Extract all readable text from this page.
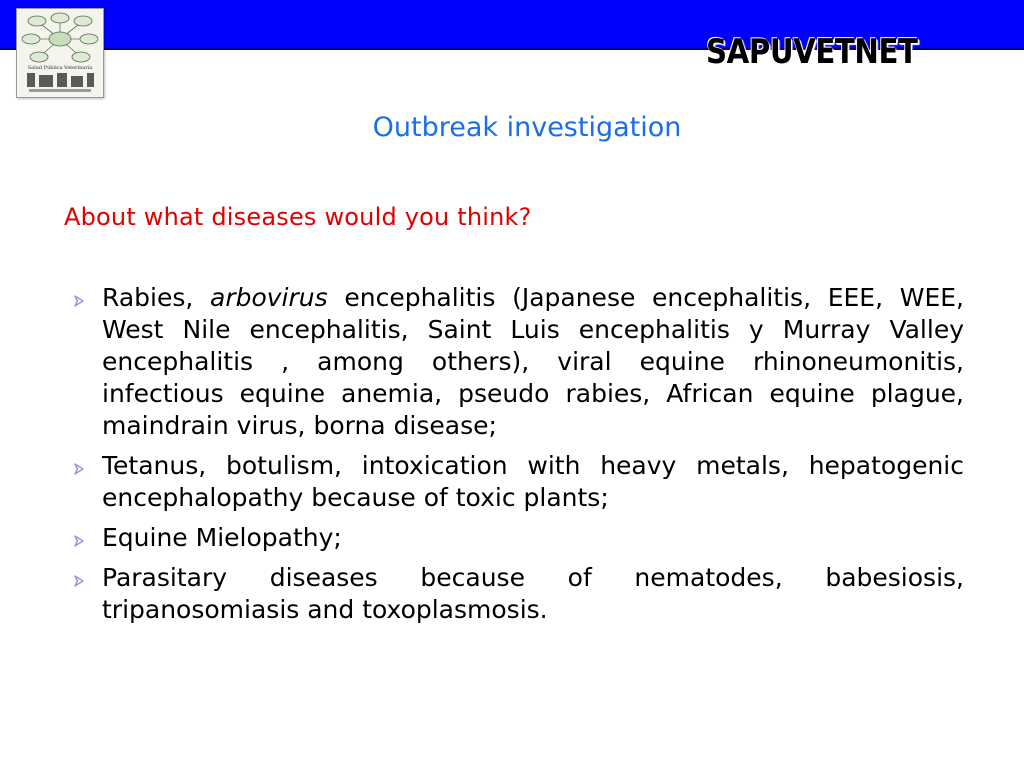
Salud Pública Veterinaria	SAPUVETNET
Outbreak investigation
About what diseases would you think?
Rabies, arbovirus encephalitis (Japanese encephalitis, EEE, WEE, West Nile encephalitis, Saint Luis encephalitis y Murray Valley encephalitis , among others), viral equine rhinoneumonitis, infectious equine anemia, pseudo rabies, African equine plague, maindrain virus, borna disease;
Tetanus, botulism, intoxication with heavy metals, hepatogenic encephalopathy because of toxic plants;
Equine Mielopathy;
Parasitary diseases because of nematodes, babesiosis, tripanosomiasis and toxoplasmosis.
